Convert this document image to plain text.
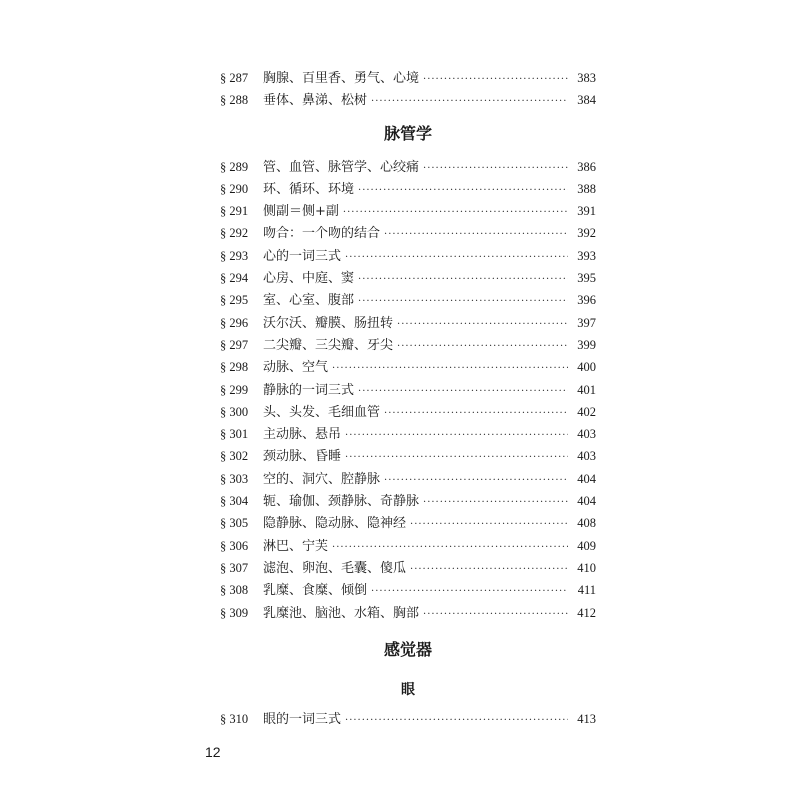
§ 287	胸腺、百里香、勇气、心境 ·····	383
§ 288	垂体、鼻涕、松树 ·····	384
脉管学
§ 289	管、血管、脉管学、心绞痛 ·····	386
§ 290	环、循环、环境 ·····	388
§ 291	侧副＝侧+副 ·····	391
§ 292	吻合：一个吻的结合 ·····	392
§ 293	心的一词三式 ·····	393
§ 294	心房、中庭、窦 ·····	395
§ 295	室、心室、腹部 ·····	396
§ 296	沃尔沃、瓣膜、肠扭转 ·····	397
§ 297	二尖瓣、三尖瓣、牙尖 ·····	399
§ 298	动脉、空气 ·····	400
§ 299	静脉的一词三式 ·····	401
§ 300	头、头发、毛细血管 ·····	402
§ 301	主动脉、悬吊 ·····	403
§ 302	颈动脉、昏睡 ·····	403
§ 303	空的、洞穴、腔静脉 ·····	404
§ 304	轭、瑜伽、颈静脉、奇静脉 ·····	404
§ 305	隐静脉、隐动脉、隐神经 ·····	408
§ 306	淋巴、宁芙 ·····	409
§ 307	滤泡、卵泡、毛囊、傻瓜 ·····	410
§ 308	乳糜、食糜、倾倒 ·····	411
§ 309	乳糜池、脑池、水箱、胸部 ·····	412
感觉器
眼
§ 310	眼的一词三式 ·····	413
12
